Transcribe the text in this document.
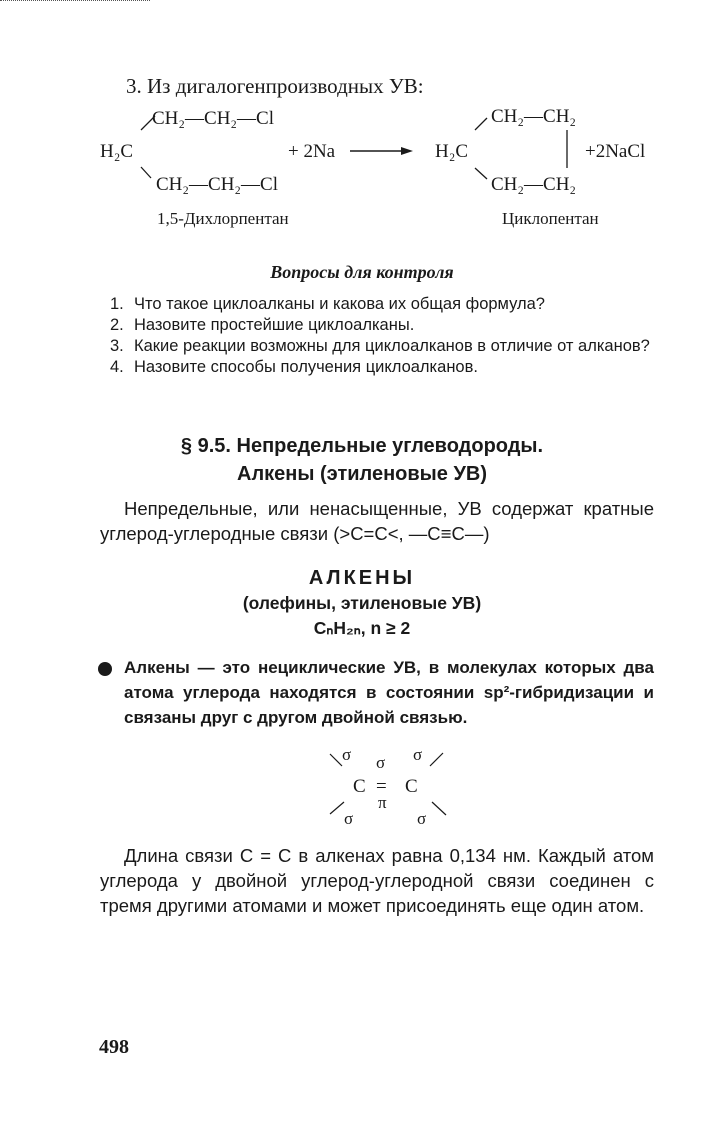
3. Из дигалогенпроизводных УВ:
CH₂—CH₂—Cl
H₂C
CH₂—CH₂—Cl
1,5-Дихлорпентан
+ 2Na	H₂C
CH₂—CH₂
CH₂—CH₂
+2NaCl
Циклопентан
Вопросы для контроля
1. Что такое циклоалканы и какова их общая формула?
2. Назовите простейшие циклоалканы.
3. Какие реакции возможны для циклоалканов в отличие от алканов?
4. Назовите способы получения циклоалканов.
§ 9.5. Непредельные углеводороды.
Алкены (этиленовые УВ)
Непредельные, или ненасыщенные, УВ содержат кратные углерод-углеродные связи (>C=C<, —C≡C—)
АЛКЕНЫ
(олефины, этиленовые УВ)
CₙH₂ₙ, n ≥ 2
Алкены — это нециклические УВ, в молекулах которых два атома углерода находятся в состоянии sp²-гибридизации и связаны друг с другом двойной связью.
σ σ σ
C = C
π
σ	σ
Длина связи C = C в алкенах равна 0,134 нм. Каждый атом углерода у двойной углерод-углеродной связи соединен с тремя другими атомами и может присоединять еще один атом.
498
